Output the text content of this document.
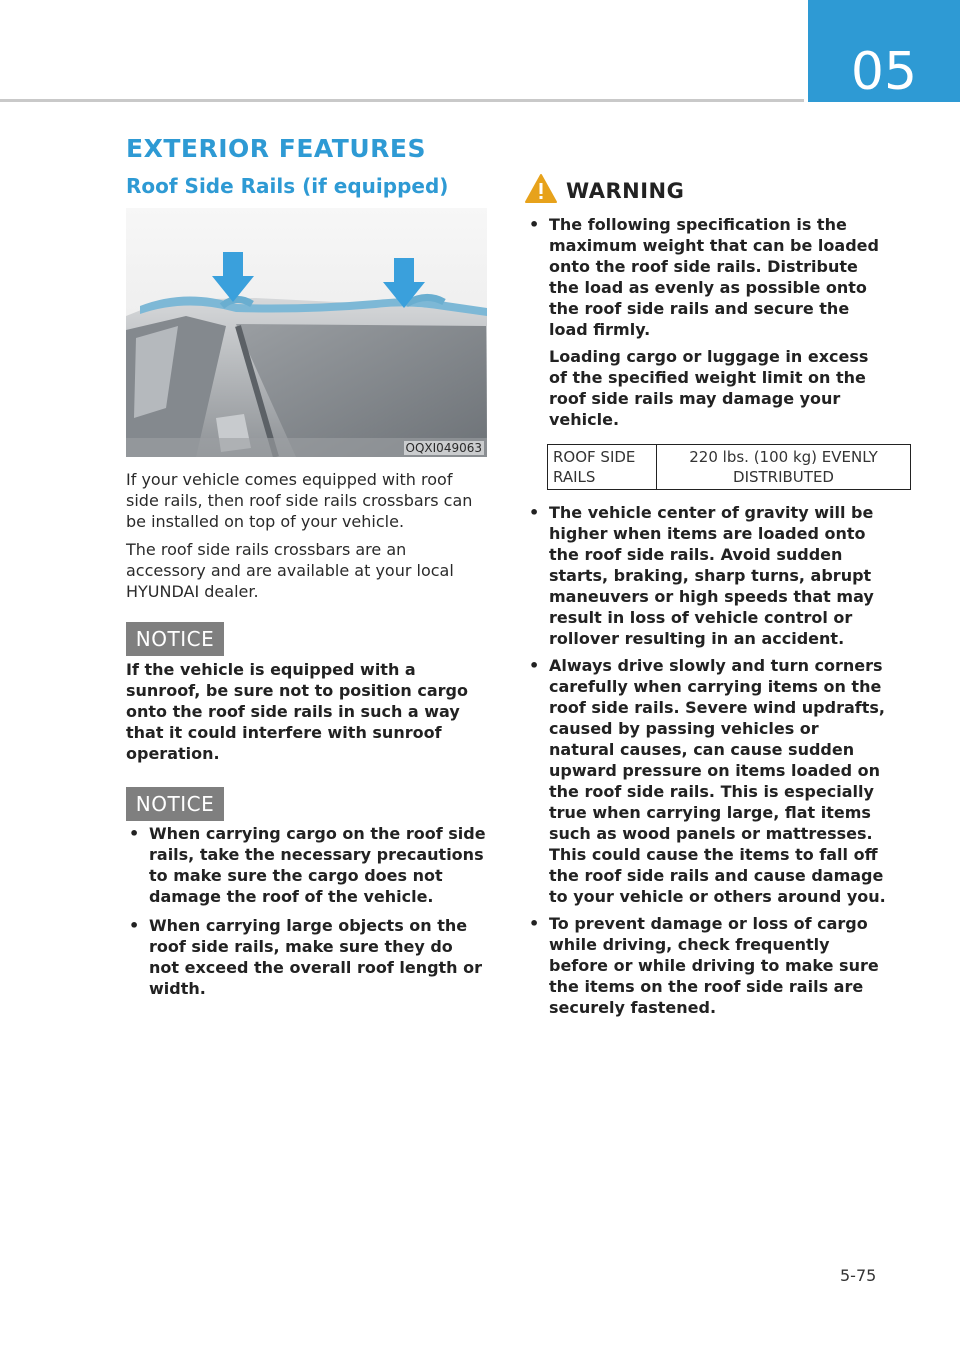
05
EXTERIOR FEATURES
Roof Side Rails (if equipped)
OQXI049063
If your vehicle comes equipped with roof side rails, then roof side rails crossbars can be installed on top of your vehicle.
The roof side rails crossbars are an accessory and are available at your local HYUNDAI dealer.
NOTICE
If the vehicle is equipped with a sunroof, be sure not to position cargo onto the roof side rails in such a way that it could interfere with sunroof operation.
NOTICE
• When carrying cargo on the roof side rails, take the necessary precautions to make sure the cargo does not damage the roof of the vehicle.
• When carrying large objects on the roof side rails, make sure they do not exceed the overall roof length or width.
WARNING
• The following specification is the maximum weight that can be loaded onto the roof side rails. Distribute the load as evenly as possible onto the roof side rails and secure the load firmly.

Loading cargo or luggage in excess of the specified weight limit on the roof side rails may damage your vehicle.

ROOF SIDE RAILS	220 lbs. (100 kg) EVENLY DISTRIBUTED
• The vehicle center of gravity will be higher when items are loaded onto the roof side rails. Avoid sudden starts, braking, sharp turns, abrupt maneuvers or high speeds that may result in loss of vehicle control or rollover resulting in an accident.
• Always drive slowly and turn corners carefully when carrying items on the roof side rails. Severe wind updrafts, caused by passing vehicles or natural causes, can cause sudden upward pressure on items loaded on the roof side rails. This is especially true when carrying large, flat items such as wood panels or mattresses. This could cause the items to fall off the roof side rails and cause damage to your vehicle or others around you.
• To prevent damage or loss of cargo while driving, check frequently before or while driving to make sure the items on the roof side rails are securely fastened.
5-75
